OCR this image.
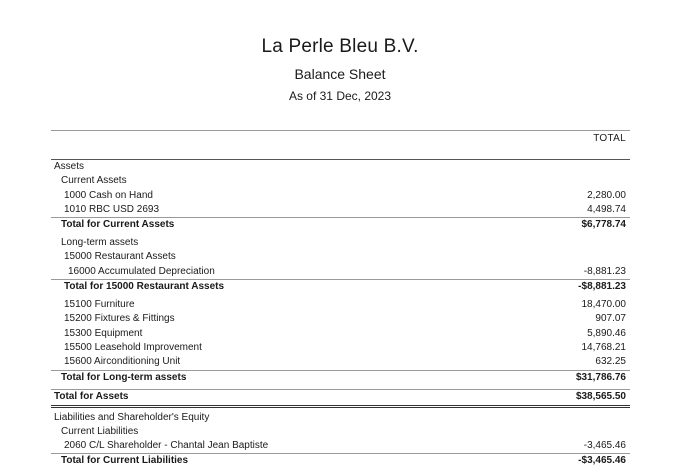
La Perle Bleu B.V.
Balance Sheet
As of 31 Dec, 2023
TOTAL
Assets
Current Assets
1000 Cash on Hand	2,280.00
1010 RBC USD 2693	4,498.74
Total for Current Assets	$6,778.74
Long-term assets
15000 Restaurant Assets
16000 Accumulated Depreciation	-8,881.23
Total for 15000 Restaurant Assets	-$8,881.23
15100 Furniture	18,470.00
15200 Fixtures & Fittings	907.07
15300 Equipment	5,890.46
15500 Leasehold Improvement	14,768.21
15600 Airconditioning Unit	632.25
Total for Long-term assets	$31,786.76
Total for Assets	$38,565.50
Liabilities and Shareholder's Equity
Current Liabilities
2060 C/L Shareholder - Chantal Jean Baptiste	-3,465.46
Total for Current Liabilities	-$3,465.46
